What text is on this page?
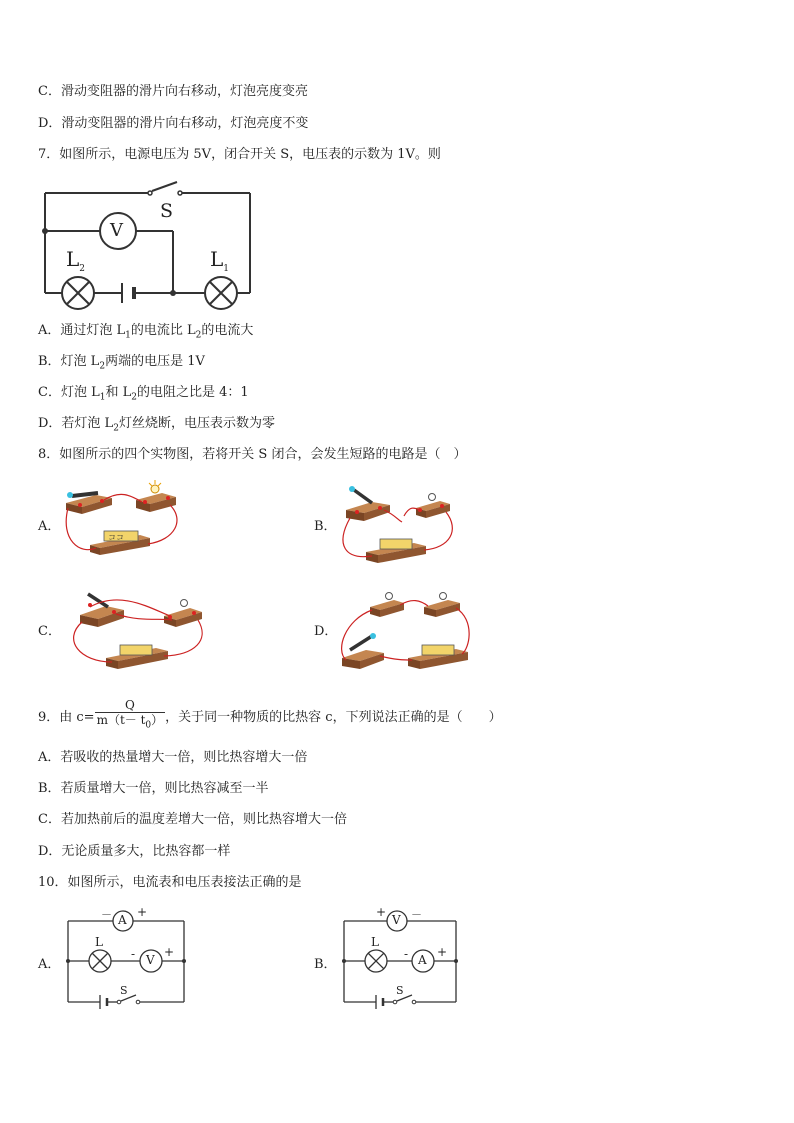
C．滑动变阻器的滑片向右移动，灯泡亮度变亮
D．滑动变阻器的滑片向右移动，灯泡亮度不变
7．如图所示，电源电压为 5V，闭合开关 S，电压表的示数为 1V。则
S
V
$L_2$	$L_1$
A．通过灯泡 $L_1$的电流比 $L_2$的电流大
B．灯泡 $L_2$两端的电压是 1V
C．灯泡 $L_1$和 $L_2$的电阻之比是 4：1
D．若灯泡 $L_2$灯丝烧断，电压表示数为零
8．如图所示的四个实物图，若将开关 S 闭合，会发生短路的电路是（　）
A．	B．
C．	D．
ココ
9．由 $c= \frac{Q}{m(t- t_0)}$ ，关于同一种物质的比热容 c，下列说法正确的是（　　）
A．若吸收的热量增大一倍，则比热容增大一倍
B．若质量增大一倍，则比热容减至一半
C．若加热前后的温度差增大一倍，则比热容增大一倍
D．无论质量多大，比热容都一样
10．如图所示，电流表和电压表接法正确的是
A．	B．
A
－ +
V
- +
L
S
V
+ －
A
- +
L
S
